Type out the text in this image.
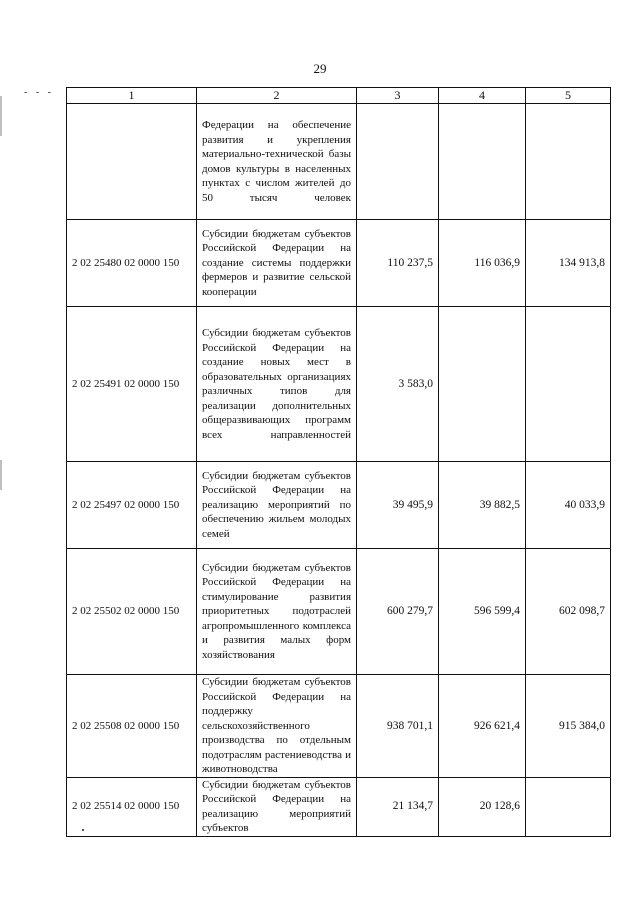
29
- - -	1	2	3	4	5
	Федерации на обеспечение развития и укрепления материально-технической базы домов культуры в населенных пунктах с числом жителей до 50 тысяч человек			
2 02 25480 02 0000 150	Субсидии бюджетам субъектов Российской Федерации на создание системы поддержки фермеров и развитие сельской кооперации	110 237,5	116 036,9	134 913,8
2 02 25491 02 0000 150	Субсидии бюджетам субъектов Российской Федерации на создание новых мест в образовательных организациях различных типов для реализации дополнительных общеразвивающих программ всех направленностей	3 583,0		
2 02 25497 02 0000 150	Субсидии бюджетам субъектов Российской Федерации на реализацию мероприятий по обеспечению жильем молодых семей	39 495,9	39 882,5	40 033,9
2 02 25502 02 0000 150	Субсидии бюджетам субъектов Российской Федерации на стимулирование развития приоритетных подотраслей агропромышленного комплекса и развития малых форм хозяйствования	600 279,7	596 599,4	602 098,7
2 02 25508 02 0000 150	Субсидии бюджетам субъектов Российской Федерации на поддержку сельскохозяйственного производства по отдельным подотраслям растениеводства и животноводства	938 701,1	926 621,4	915 384,0
2 02 25514 02 0000 150	Субсидии бюджетам субъектов Российской Федерации на реализацию мероприятий субъектов	21 134,7	20 128,6	
